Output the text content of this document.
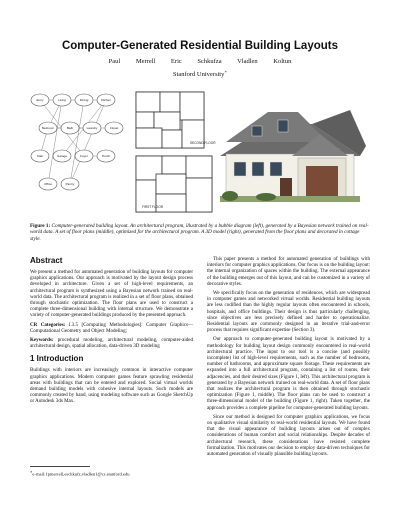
Computer-Generated Residential Building Layouts
Paul Merrell Eric Schkufza Vladlen Koltun
Stanford University∗
Entry	Living	Dining	Kitchen
Bedroom	Bath	Laundry	Closet
Stair	Garage	Foyer	Porch
Office	Pantry
SECOND FLOOR
FIRST FLOOR
Figure 1: Computer-generated building layout. An architectural program, illustrated by a bubble diagram (left), generated by a Bayesian network trained on real-world data. A set of floor plans (middle), optimized for the architectural program. A 3D model (right), generated from the floor plans and decorated in cottage style.
Abstract

We present a method for automated generation of building layouts for computer graphics applications. Our approach is motivated by the layout design process developed in architecture. Given a set of high-level requirements, an architectural program is synthesized using a Bayesian network trained on real-world data. The architectural program is realized in a set of floor plans, obtained through stochastic optimization. The floor plans are used to construct a complete three-dimensional building with internal structure. We demonstrate a variety of computer-generated buildings produced by the presented approach.

CR Categories: I.3.5 [Computing Methodologies]: Computer Graphics—Computational Geometry and Object Modeling;

Keywords: procedural modeling, architectural modeling, computer-aided architectural design, spatial allocation, data-driven 3D modeling

1 Introduction

Buildings with interiors are increasingly common in interactive computer graphics applications. Modern computer games feature sprawling residential areas with buildings that can be entered and explored. Social virtual worlds demand building models with cohesive internal layouts. Such models are commonly created by hand, using modeling software such as Google SketchUp or Autodesk 3ds Max.

∗e-mail:{pmerrell,eschkufz,vladlen}@cs.stanford.edu

This paper presents a method for automated generation of buildings with interiors for computer graphics applications. Our focus is on the building layout: the internal organization of spaces within the building. The external appearance of the building emerges out of this layout, and can be customized in a variety of decorative styles.

We specifically focus on the generation of residences, which are widespread in computer games and networked virtual worlds. Residential building layouts are less codified than the highly regular layouts often encountered in schools, hospitals, and office buildings. Their design is thus particularly challenging, since objectives are less precisely defined and harder to operationalize. Residential layouts are commonly designed in an iterative trial-and-error process that requires significant expertise (Section 3).

Our approach to computer-generated building layout is motivated by a methodology for building layout design commonly encountered in real-world architectural practice. The input to our tool is a concise (and possibly incomplete) list of high-level requirements, such as the number of bedrooms, number of bathrooms, and approximate square footage. These requirements are expanded into a full architectural program, containing a list of rooms, their adjacencies, and their desired sizes (Figure 1, left). This architectural program is generated by a Bayesian network trained on real-world data. A set of floor plans that realizes the architectural program is then obtained through stochastic optimization (Figure 1, middle). The floor plans can be used to construct a three-dimensional model of the building (Figure 1, right). Taken together, the approach provides a complete pipeline for computer-generated building layouts.

Since our method is designed for computer graphics applications, we focus on qualitative visual similarity to real-world residential layouts. We have found that the visual appearance of building layouts arises out of complex considerations of human comfort and social relationships. Despite decades of architectural research, these considerations have resisted complete formalization. This motivates our decision to employ data-driven techniques for automated generation of visually plausible building layouts.
